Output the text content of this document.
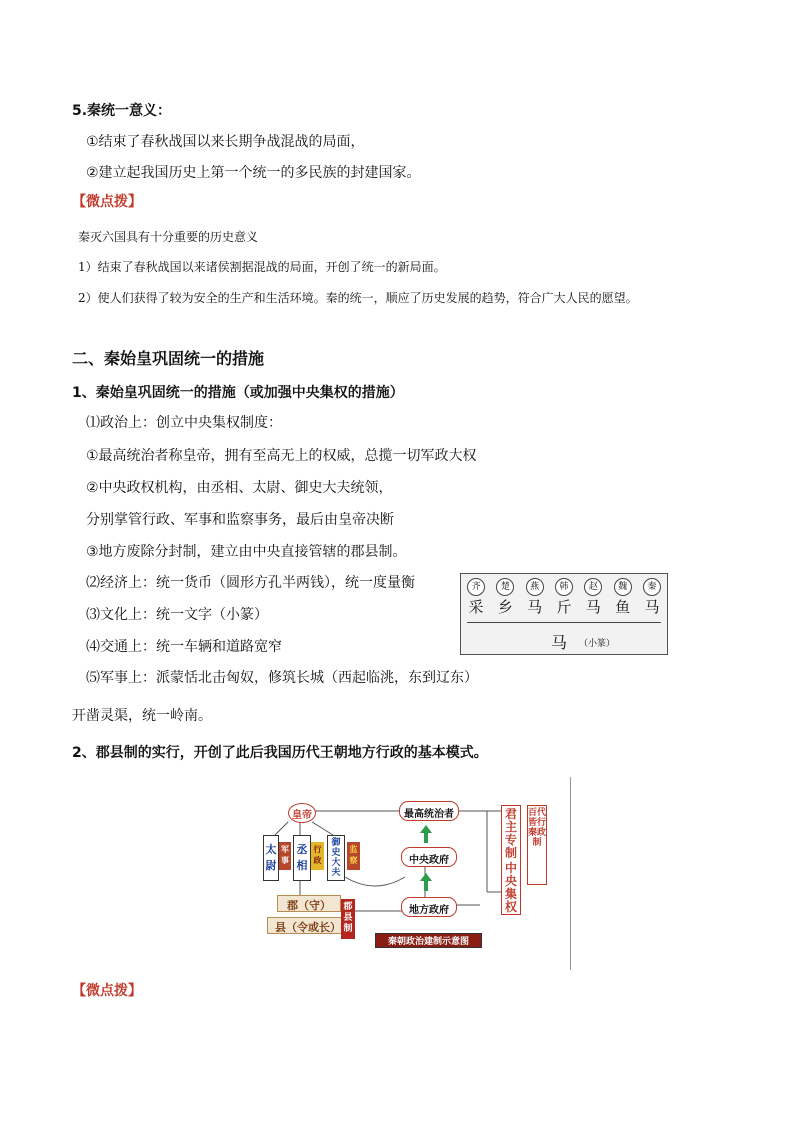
5.秦统一意义：
①结束了春秋战国以来长期争战混战的局面，
②建立起我国历史上第一个统一的多民族的封建国家。
【微点拨】
秦灭六国具有十分重要的历史意义
1）结束了春秋战国以来诸侯割据混战的局面，开创了统一的新局面。
2）使人们获得了较为安全的生产和生活环境。秦的统一，顺应了历史发展的趋势，符合广大人民的愿望。
二、秦始皇巩固统一的措施
1、秦始皇巩固统一的措施（或加强中央集权的措施）
⑴政治上：创立中央集权制度：
①最高统治者称皇帝，拥有至高无上的权威，总揽一切军政大权
②中央政权机构，由丞相、太尉、御史大夫统领，
分别掌管行政、军事和监察事务，最后由皇帝决断
③地方废除分封制，建立由中央直接管辖的郡县制。
⑵经济上：统一货币（圆形方孔半两钱），统一度量衡
⑶文化上：统一文字（小篆）
⑷交通上：统一车辆和道路宽窄
⑸军事上：派蒙恬北击匈奴，修筑长城（西起临洮，东到辽东）
开凿灵渠，统一岭南。
2、郡县制的实行，开创了此后我国历代王朝地方行政的基本模式。
齐	楚	燕	韩	赵	魏	秦
采 乡 马 斤 马 鱼 马
马 （小篆）
皇帝
太尉
军事
丞相
行政
御史大夫
监察
郡（守）
县（令或长）
郡县制
最高统治者
中央政府
地方政府
秦朝政治建制示意图
君主专制
中央集权
百代皆行秦政制
【微点拨】
